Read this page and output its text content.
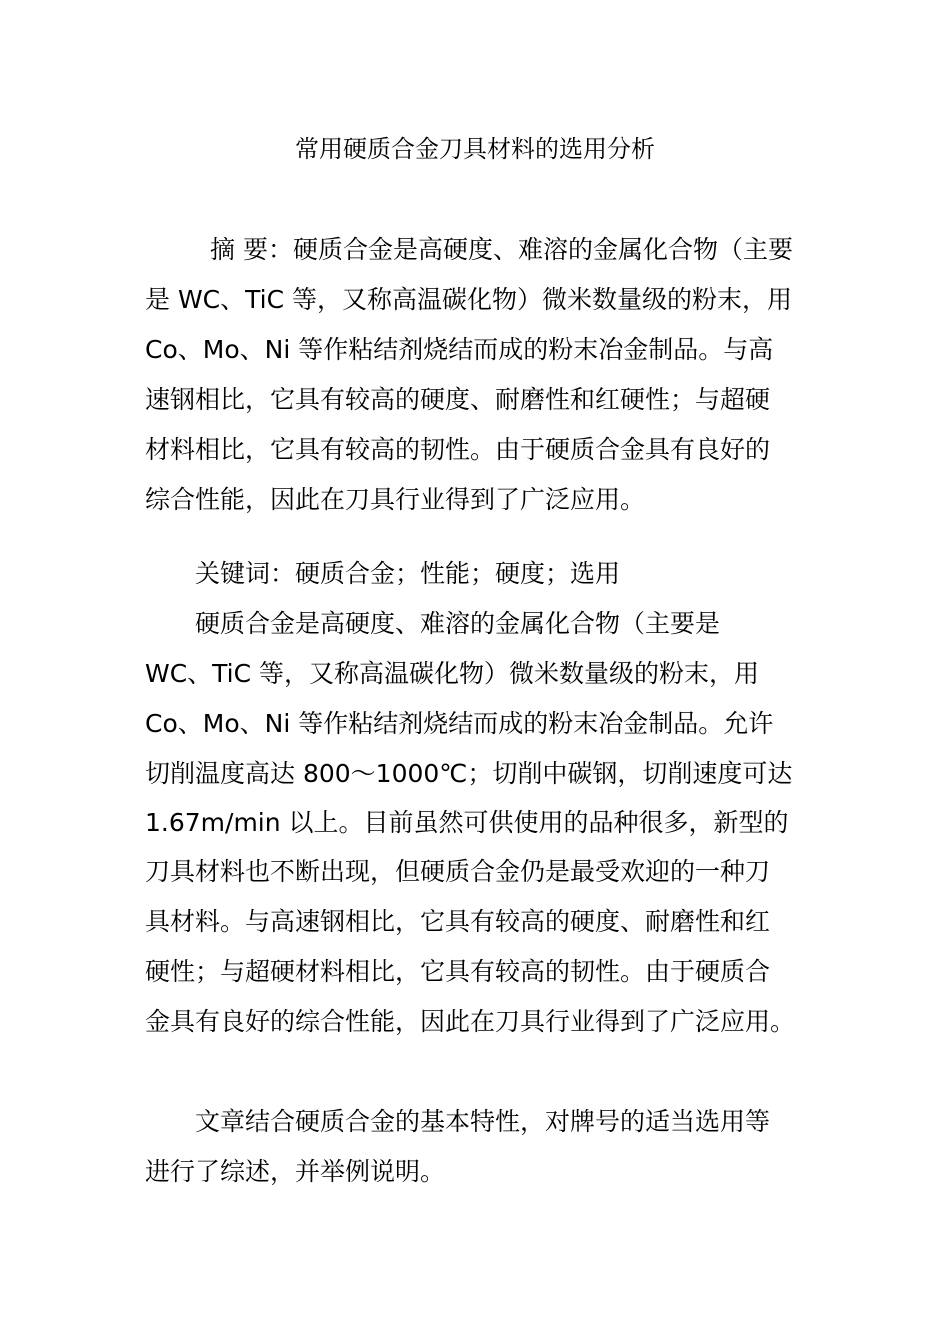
常用硬质合金刀具材料的选用分析
摘 要：硬质合金是高硬度、难溶的金属化合物（主要
是 WC、TiC 等，又称高温碳化物）微米数量级的粉末，用
Co、Mo、Ni 等作粘结剂烧结而成的粉末冶金制品。与高
速钢相比，它具有较高的硬度、耐磨性和红硬性；与超硬
材料相比，它具有较高的韧性。由于硬质合金具有良好的
综合性能，因此在刀具行业得到了广泛应用。
关键词：硬质合金；性能；硬度；选用
硬质合金是高硬度、难溶的金属化合物（主要是
WC、TiC 等，又称高温碳化物）微米数量级的粉末，用
Co、Mo、Ni 等作粘结剂烧结而成的粉末冶金制品。允许
切削温度高达 800～1000℃；切削中碳钢，切削速度可达
1.67m/min 以上。目前虽然可供使用的品种很多，新型的
刀具材料也不断出现，但硬质合金仍是最受欢迎的一种刀
具材料。与高速钢相比，它具有较高的硬度、耐磨性和红
硬性；与超硬材料相比，它具有较高的韧性。由于硬质合
金具有良好的综合性能，因此在刀具行业得到了广泛应用。
文章结合硬质合金的基本特性，对牌号的适当选用等
进行了综述，并举例说明。
